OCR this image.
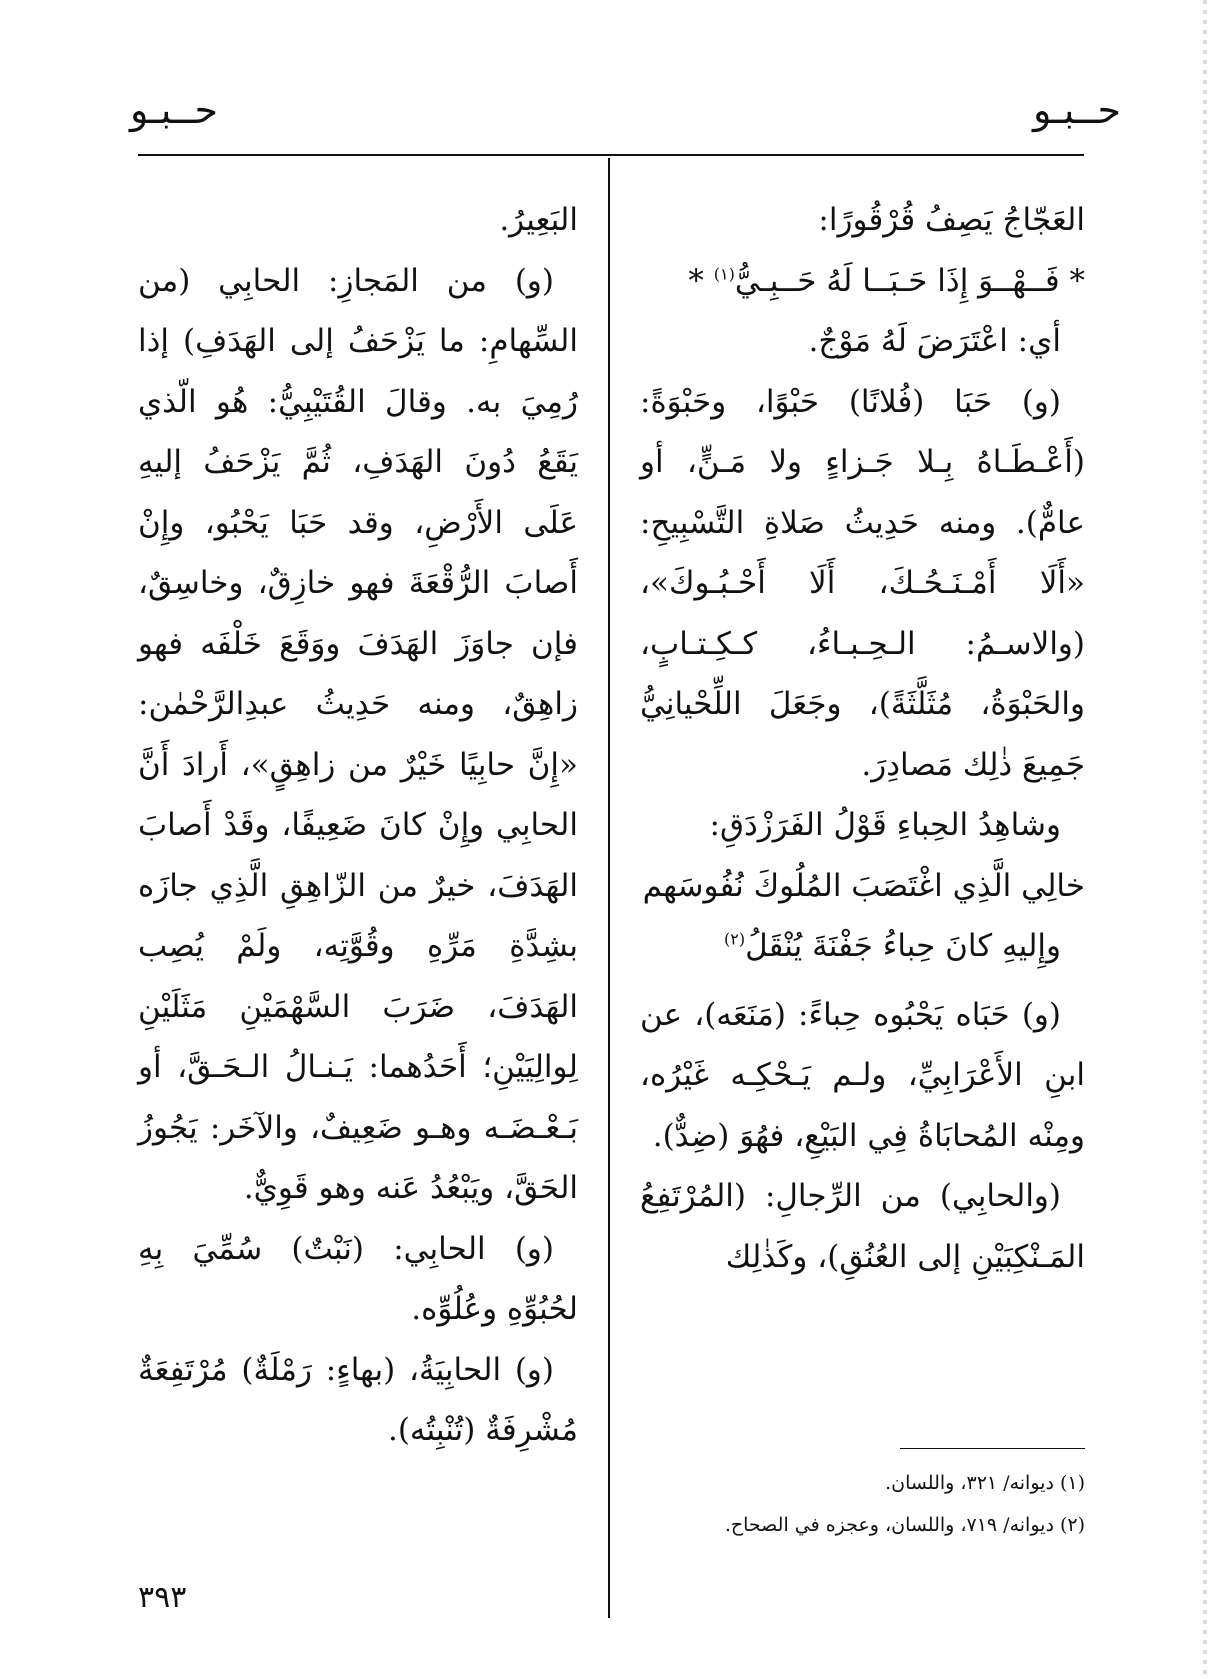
حــبـو
حــبـو

العَجّاجُ يَصِفُ قُرْقُورًا:

* فَــهْــوَ إِذَا حَـبَــا لَهُ حَــبِـيُّ$^{(١)}$ *

أي: اعْتَرَضَ لَهُ مَوْجٌ.

(و) حَبَا (فُلانًا) حَبْوًا، وحَبْوَةً: (أَعْـطَـاهُ بِـلا جَـزاءٍ ولا مَـنٍّ، أو عامٌّ). ومنه حَدِيثُ صَلاةِ التَّسْبِيحِ: «أَلَا أَمْـنَـحُـكَ، أَلَا أَحْـبُـوكَ»، (والاسـمُ: الـحِـبـاءُ، كـكِـتـابٍ، والحَبْوَةُ، مُثَلَّثَةً)، وجَعَلَ اللِّحْيانِيُّ جَمِيعَ ذٰلِك مَصادِرَ.

وشاهِدُ الحِباءِ قَوْلُ الفَرَزْدَقِ:

خالِي الَّذِي اغْتَصَبَ المُلُوكَ نُفُوسَهم

وإِليهِ كانَ حِباءُ جَفْنَةَ يُنْقَلُ$^{(٢)}$

(و) حَبَاه يَحْبُوه حِباءً: (مَنَعَه)، عن ابنِ الأَعْرَابِيِّ، ولـم يَـحْكِـه غَيْرُه، ومِنْه المُحابَاةُ فِي البَيْعِ، فهُوَ (ضِدٌّ).

(والحابِي) من الرِّجالِ: (المُرْتَفِعُ المَـنْكِبَيْنِ إلى العُنُقِ)، وكَذٰلِك

البَعِيرُ.

(و) من المَجازِ: الحابِي (من السِّهامِ: ما يَزْحَفُ إلى الهَدَفِ) إذا رُمِيَ به. وقالَ القُتَيْبِيُّ: هُو الّذي يَقَعُ دُونَ الهَدَفِ، ثُمَّ يَزْحَفُ إليهِ عَلَى الأَرْضِ، وقد حَبَا يَحْبُو، وإِنْ أَصابَ الرُّقْعَةَ فهو خازِقٌ، وخاسِقٌ، فإن جاوَزَ الهَدَفَ ووَقَعَ خَلْفَه فهو زاهِقٌ، ومنه حَدِيثُ عبدِالرَّحْمٰن: «إِنَّ حابِيًا خَيْرٌ من زاهِقٍ»، أَرادَ أَنَّ الحابِي وإِنْ كانَ ضَعِيفًا، وقَدْ أَصابَ الهَدَفَ، خيرٌ من الزّاهِقِ الَّذِي جازَه بشِدَّةِ مَرِّهِ وقُوَّتِه، ولَمْ يُصِب الهَدَفَ، ضَرَبَ السَّهْمَيْنِ مَثَلَيْنِ لِوالِيَيْنِ؛ أَحَدُهما: يَـنـالُ الـحَـقَّ، أو بَـعْـضَـه وهـو ضَعِيفٌ، والآخَر: يَجُوزُ الحَقَّ، ويَبْعُدُ عَنه وهو قَوِيٌّ.

(و) الحابِي: (نَبْتٌ) سُمِّيَ بِهِ لحُبُوِّهِ وعُلُوِّه.

(و) الحابِيَةُ، (بهاءٍ: رَمْلَةٌ) مُرْتَفِعَةٌ مُشْرِفَةٌ (تُنْبِتُه).

(١) ديوانه/ ٣٢١، واللسان.

(٢) ديوانه/ ٧١٩، واللسان، وعجزه في الصحاح.

٣٩٣
